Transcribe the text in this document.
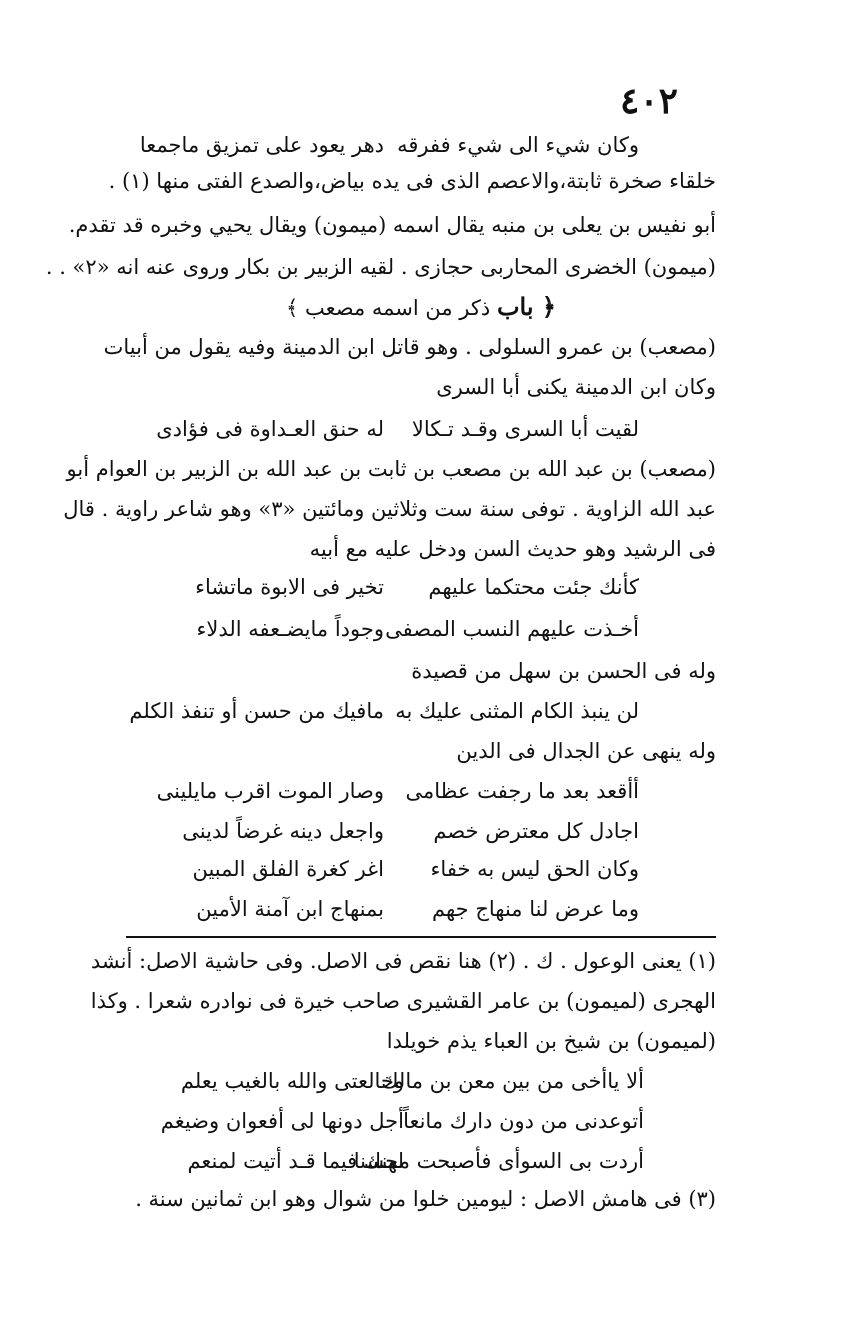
٤٠٢
وكان شيء الى شيء ففرقه
دهر يعود على تمزيق ماجمعا
خلقاء صخرة ثابتة،والاعصم الذى فى يده بياض،والصدع الفتى منها (١) .
أبو نفيس بن يعلى بن منبه يقال اسمه (ميمون) ويقال يحيي وخبره قد تقدم.
(ميمون) الخضرى المحاربى حجازى . لقيه الزبير بن بكار وروى عنه انه «٢» . .
﴿ باب ذكر من اسمه مصعب ﴾
(مصعب) بن عمرو السلولى . وهو قاتل ابن الدمينة وفيه يقول من أبيات
وكان ابن الدمينة يكنى أبا السرى
لقيت أبا السرى وقـد تـكالا
له حنق العـداوة فى فؤادى
(مصعب) بن عبد الله بن مصعب بن ثابت بن عبد الله بن الزبير بن العوام أبو
عبد الله الزاوية . توفى سنة ست وثلاثين ومائتين «٣» وهو شاعر راوية . قال
فى الرشيد وهو حديث السن ودخل عليه مع أبيه
كأنك جئت محتكما عليهم
تخير فى الابوة ماتشاء
أخـذت عليهم النسب المصفى
وجوداً مايضـعفه الدلاء
وله فى الحسن بن سهل من قصيدة
لن ينبذ الكام المثنى عليك به
مافيك من حسن أو تنفذ الكلم
وله ينهى عن الجدال فى الدين
أأقعد بعد ما رجفت عظامى
وصار الموت اقرب مايلينى
اجادل كل معترض خصم
واجعل دينه غرضاً لدينى
وكان الحق ليس به خفاء
اغر كغرة الفلق المبين
وما عرض لنا منهاج جهم
بمنهاج ابن آمنة الأمين
(١) يعنى الوعول . ك . (٢) هنا نقص فى الاصل. وفى حاشية الاصل: أنشد
الهجرى (لميمون) بن عامر القشيرى صاحب خيرة فى نوادره شعرا . وكذا
(لميمون) بن شيخ بن العباء يذم خويلدا
ألا ياأخى من بين معن بن مالك
وخالعتى والله بالغيب يعلم
أتوعدنى من دون دارك مانعاً
أجل دونها لى أفعوان وضيغم
أردت بى السوأى فأصبحت محسنا
لهنك فيما قـد أتيت لمنعم
(٣) فى هامش الاصل : ليومين خلوا من شوال وهو ابن ثمانين سنة .
